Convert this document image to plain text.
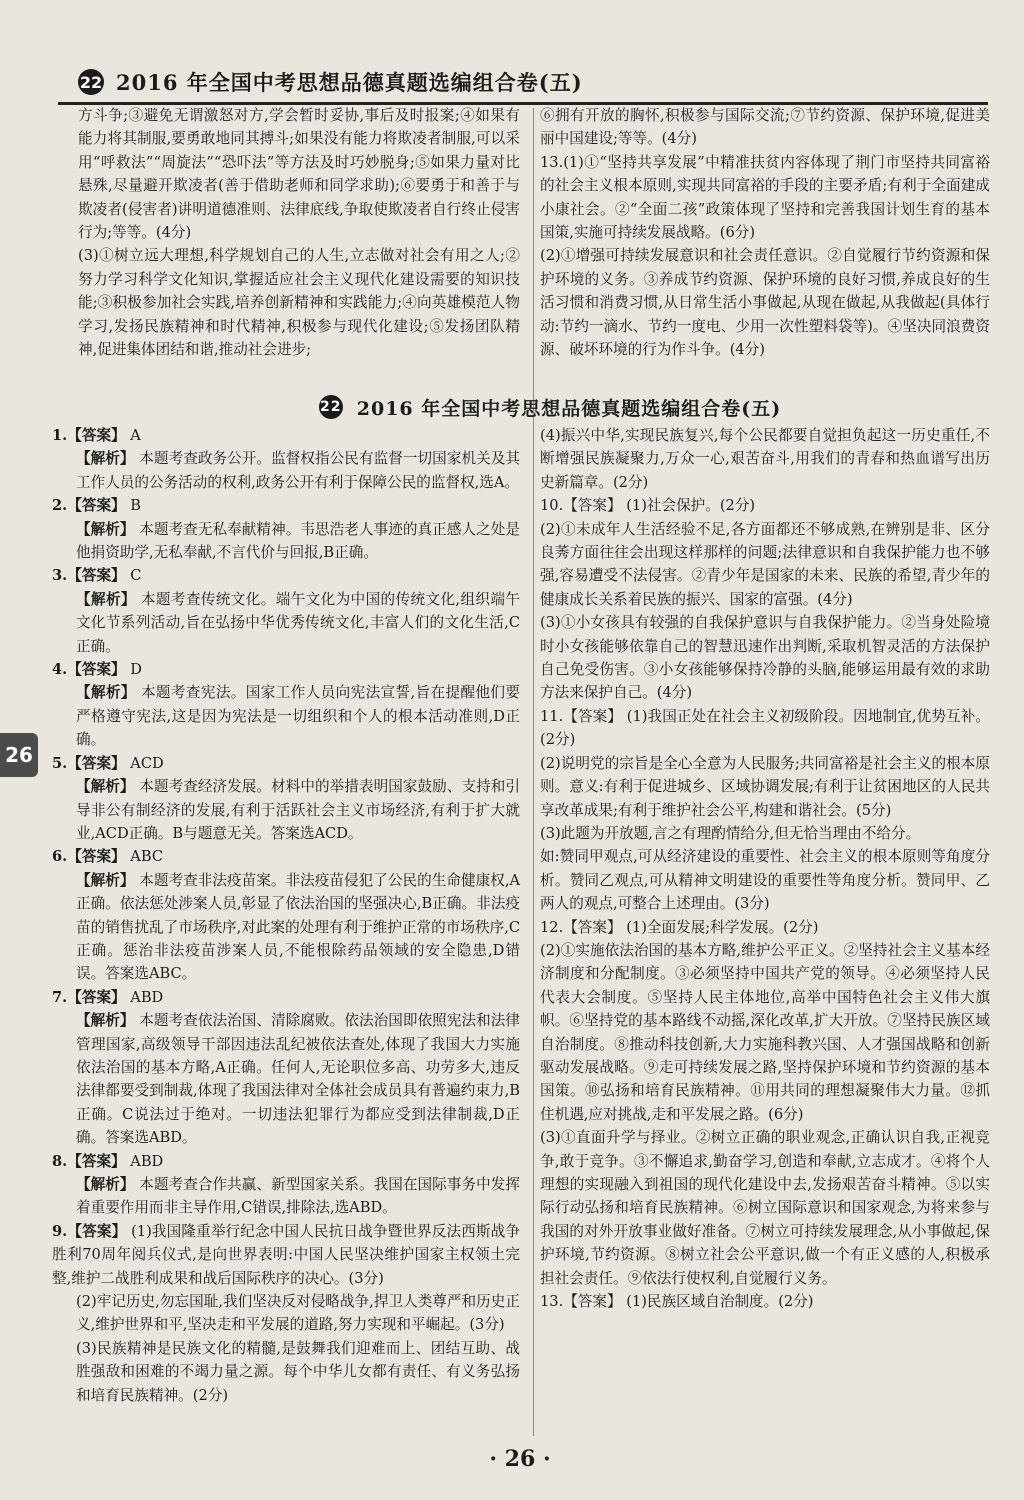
22 2016 年全国中考思想品德真题选编组合卷(五)

方斗争;③避免无谓激怒对方,学会暂时妥协,事后及时报案;④如果有能力将其制服,要勇敢地同其搏斗;如果没有能力将欺凌者制服,可以采用“呼救法”“周旋法”“恐吓法”等方法及时巧妙脱身;⑤如果力量对比悬殊,尽量避开欺凌者(善于借助老师和同学求助);⑥要勇于和善于与欺凌者(侵害者)讲明道德准则、法律底线,争取使欺凌者自行终止侵害行为;等等。(4分)

(3)①树立远大理想,科学规划自己的人生,立志做对社会有用之人;②努力学习科学文化知识,掌握适应社会主义现代化建设需要的知识技能;③积极参加社会实践,培养创新精神和实践能力;④向英雄模范人物学习,发扬民族精神和时代精神,积极参与现代化建设;⑤发扬团队精神,促进集体团结和谐,推动社会进步;

⑥拥有开放的胸怀,积极参与国际交流;⑦节约资源、保护环境,促进美丽中国建设;等等。(4分)

13.(1)①“坚持共享发展”中精准扶贫内容体现了荆门市坚持共同富裕的社会主义根本原则,实现共同富裕的手段的主要矛盾;有利于全面建成小康社会。②“全面二孩”政策体现了坚持和完善我国计划生育的基本国策,实施可持续发展战略。(6分)

(2)①增强可持续发展意识和社会责任意识。②自觉履行节约资源和保护环境的义务。③养成节约资源、保护环境的良好习惯,养成良好的生活习惯和消费习惯,从日常生活小事做起,从现在做起,从我做起(具体行动:节约一滴水、节约一度电、少用一次性塑料袋等)。④坚决同浪费资源、破坏环境的行为作斗争。(4分)

22 2016 年全国中考思想品德真题选编组合卷(五)

1.【答案】 A

【解析】 本题考查政务公开。监督权指公民有监督一切国家机关及其工作人员的公务活动的权利,政务公开有利于保障公民的监督权,选A。

2.【答案】 B

【解析】 本题考查无私奉献精神。韦思浩老人事迹的真正感人之处是他捐资助学,无私奉献,不言代价与回报,B正确。

3.【答案】 C

【解析】 本题考查传统文化。端午文化为中国的传统文化,组织端午文化节系列活动,旨在弘扬中华优秀传统文化,丰富人们的文化生活,C正确。

4.【答案】 D

【解析】 本题考查宪法。国家工作人员向宪法宣誓,旨在提醒他们要严格遵守宪法,这是因为宪法是一切组织和个人的根本活动准则,D正确。

5.【答案】 ACD

【解析】 本题考查经济发展。材料中的举措表明国家鼓励、支持和引导非公有制经济的发展,有利于活跃社会主义市场经济,有利于扩大就业,ACD正确。B与题意无关。答案选ACD。

6.【答案】 ABC

【解析】 本题考查非法疫苗案。非法疫苗侵犯了公民的生命健康权,A正确。依法惩处涉案人员,彰显了依法治国的坚强决心,B正确。非法疫苗的销售扰乱了市场秩序,对此案的处理有利于维护正常的市场秩序,C正确。惩治非法疫苗涉案人员,不能根除药品领域的安全隐患,D错误。答案选ABC。

7.【答案】 ABD

【解析】 本题考查依法治国、清除腐败。依法治国即依照宪法和法律管理国家,高级领导干部因违法乱纪被依法查处,体现了我国大力实施依法治国的基本方略,A正确。任何人,无论职位多高、功劳多大,违反法律都要受到制裁,体现了我国法律对全体社会成员具有普遍约束力,B正确。C说法过于绝对。一切违法犯罪行为都应受到法律制裁,D正确。答案选ABD。

8.【答案】 ABD

【解析】 本题考查合作共赢、新型国家关系。我国在国际事务中发挥着重要作用而非主导作用,C错误,排除法,选ABD。

9.【答案】 (1)我国隆重举行纪念中国人民抗日战争暨世界反法西斯战争胜利70周年阅兵仪式,是向世界表明:中国人民坚决维护国家主权领土完整,维护二战胜利成果和战后国际秩序的决心。(3分)

(2)牢记历史,勿忘国耻,我们坚决反对侵略战争,捍卫人类尊严和历史正义,维护世界和平,坚决走和平发展的道路,努力实现和平崛起。(3分)

(3)民族精神是民族文化的精髓,是鼓舞我们迎难而上、团结互助、战胜强敌和困难的不竭力量之源。每个中华儿女都有责任、有义务弘扬和培育民族精神。(2分)

(4)振兴中华,实现民族复兴,每个公民都要自觉担负起这一历史重任,不断增强民族凝聚力,万众一心,艰苦奋斗,用我们的青春和热血谱写出历史新篇章。(2分)

10.【答案】 (1)社会保护。(2分)

(2)①未成年人生活经验不足,各方面都还不够成熟,在辨别是非、区分良莠方面往往会出现这样那样的问题;法律意识和自我保护能力也不够强,容易遭受不法侵害。②青少年是国家的未来、民族的希望,青少年的健康成长关系着民族的振兴、国家的富强。(4分)

(3)①小女孩具有较强的自我保护意识与自我保护能力。②当身处险境时小女孩能够依靠自己的智慧迅速作出判断,采取机智灵活的方法保护自己免受伤害。③小女孩能够保持冷静的头脑,能够运用最有效的求助方法来保护自己。(4分)

11.【答案】 (1)我国正处在社会主义初级阶段。因地制宜,优势互补。(2分)

(2)说明党的宗旨是全心全意为人民服务;共同富裕是社会主义的根本原则。意义:有利于促进城乡、区域协调发展;有利于让贫困地区的人民共享改革成果;有利于维护社会公平,构建和谐社会。(5分)

(3)此题为开放题,言之有理酌情给分,但无恰当理由不给分。

如:赞同甲观点,可从经济建设的重要性、社会主义的根本原则等角度分析。赞同乙观点,可从精神文明建设的重要性等角度分析。赞同甲、乙两人的观点,可整合上述理由。(3分)

12.【答案】 (1)全面发展;科学发展。(2分)

(2)①实施依法治国的基本方略,维护公平正义。②坚持社会主义基本经济制度和分配制度。③必须坚持中国共产党的领导。④必须坚持人民代表大会制度。⑤坚持人民主体地位,高举中国特色社会主义伟大旗帜。⑥坚持党的基本路线不动摇,深化改革,扩大开放。⑦坚持民族区域自治制度。⑧推动科技创新,大力实施科教兴国、人才强国战略和创新驱动发展战略。⑨走可持续发展之路,坚持保护环境和节约资源的基本国策。⑩弘扬和培育民族精神。⑪用共同的理想凝聚伟大力量。⑫抓住机遇,应对挑战,走和平发展之路。(6分)

(3)①直面升学与择业。②树立正确的职业观念,正确认识自我,正视竞争,敢于竞争。③不懈追求,勤奋学习,创造和奉献,立志成才。④将个人理想的实现融入到祖国的现代化建设中去,发扬艰苦奋斗精神。⑤以实际行动弘扬和培育民族精神。⑥树立国际意识和国家观念,为将来参与我国的对外开放事业做好准备。⑦树立可持续发展理念,从小事做起,保护环境,节约资源。⑧树立社会公平意识,做一个有正义感的人,积极承担社会责任。⑨依法行使权利,自觉履行义务。

13.【答案】 (1)民族区域自治制度。(2分)

26
· 26 ·
